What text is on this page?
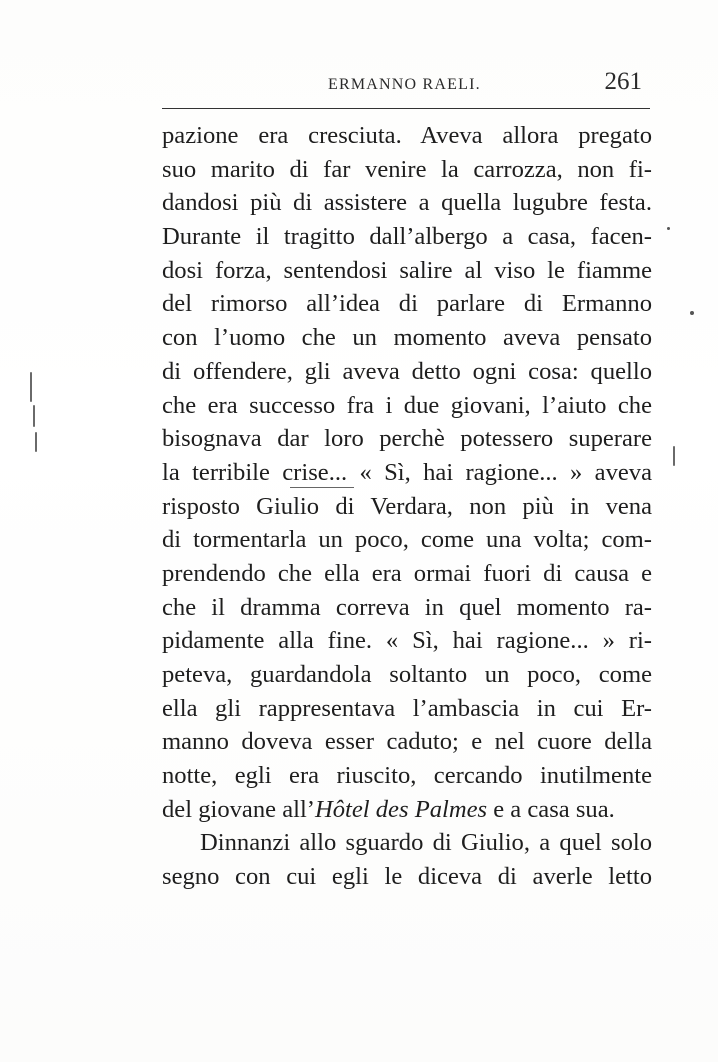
ERMANNO RAELI.	261
pazione era cresciuta. Aveva allora pregato
suo marito di far venire la carrozza, non fi-
dandosi più di assistere a quella lugubre festa.
Durante il tragitto dall’albergo a casa, facen-
dosi forza, sentendosi salire al viso le fiamme
del rimorso all’idea di parlare di Ermanno
con l’uomo che un momento aveva pensato
di offendere, gli aveva detto ogni cosa: quello
che era successo fra i due giovani, l’aiuto che
bisognava dar loro perchè potessero superare
la terribile crise... « Sì, hai ragione... » aveva
risposto Giulio di Verdara, non più in vena
di tormentarla un poco, come una volta; com-
prendendo che ella era ormai fuori di causa e
che il dramma correva in quel momento ra-
pidamente alla fine. « Sì, hai ragione... » ri-
peteva, guardandola soltanto un poco, come
ella gli rappresentava l’ambascia in cui Er-
manno doveva esser caduto; e nel cuore della
notte, egli era riuscito, cercando inutilmente
del giovane all’Hôtel des Palmes e a casa sua.
Dinnanzi allo sguardo di Giulio, a quel solo
segno con cui egli le diceva di averle letto
